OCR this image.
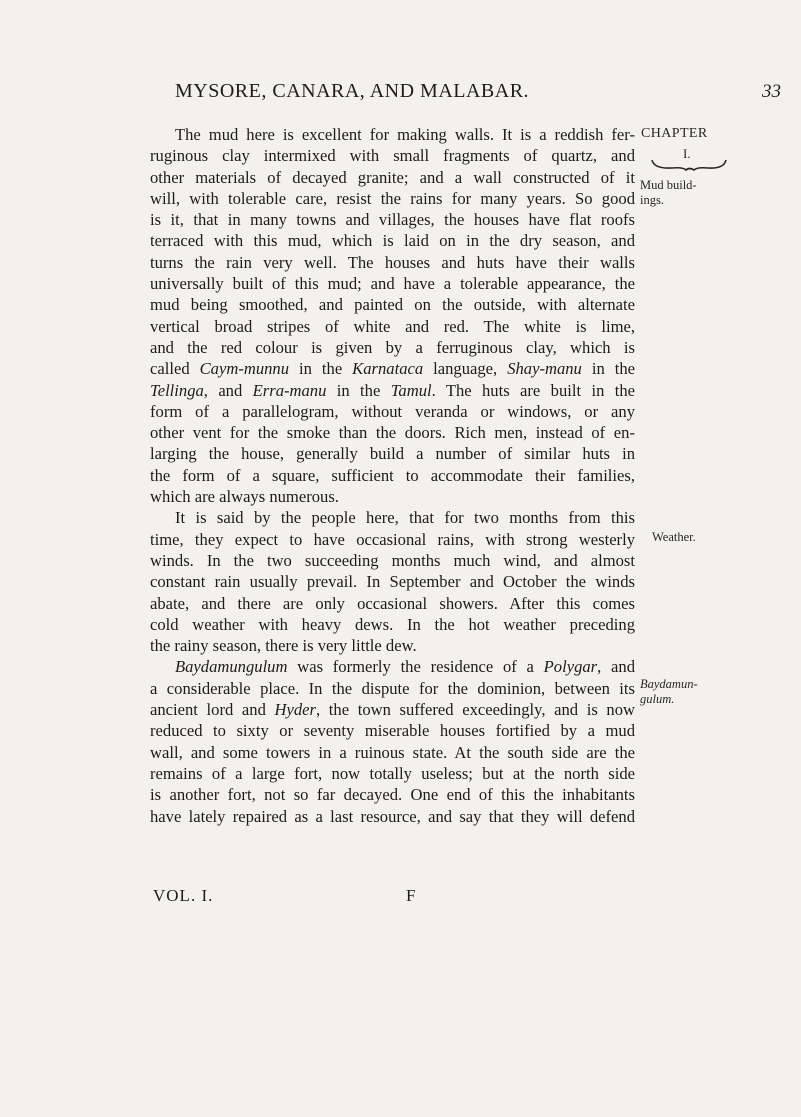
MYSORE, CANARA, AND MALABAR.	33
CHAPTER
I.
Mud build-
ings.
Weather.
Baydamun-
gulum.
The mud here is excellent for making walls. It is a reddish fer-
ruginous clay intermixed with small fragments of quartz, and
other materials of decayed granite; and a wall constructed of it
will, with tolerable care, resist the rains for many years. So good
is it, that in many towns and villages, the houses have flat roofs
terraced with this mud, which is laid on in the dry season, and
turns the rain very well. The houses and huts have their walls
universally built of this mud; and have a tolerable appearance, the
mud being smoothed, and painted on the outside, with alternate
vertical broad stripes of white and red. The white is lime,
and the red colour is given by a ferruginous clay, which is
called Caym-munnu in the Karnataca language, Shay-manu in the
Tellinga, and Erra-manu in the Tamul. The huts are built in the
form of a parallelogram, without veranda or windows, or any
other vent for the smoke than the doors. Rich men, instead of en-
larging the house, generally build a number of similar huts in
the form of a square, sufficient to accommodate their families,
which are always numerous.
It is said by the people here, that for two months from this
time, they expect to have occasional rains, with strong westerly
winds. In the two succeeding months much wind, and almost
constant rain usually prevail. In September and October the winds
abate, and there are only occasional showers. After this comes
cold weather with heavy dews. In the hot weather preceding
the rainy season, there is very little dew.
Baydamungulum was formerly the residence of a Polygar, and
a considerable place. In the dispute for the dominion, between its
ancient lord and Hyder, the town suffered exceedingly, and is now
reduced to sixty or seventy miserable houses fortified by a mud
wall, and some towers in a ruinous state. At the south side are the
remains of a large fort, now totally useless; but at the north side
is another fort, not so far decayed. One end of this the inhabitants
have lately repaired as a last resource, and say that they will defend
VOL. I.	F
